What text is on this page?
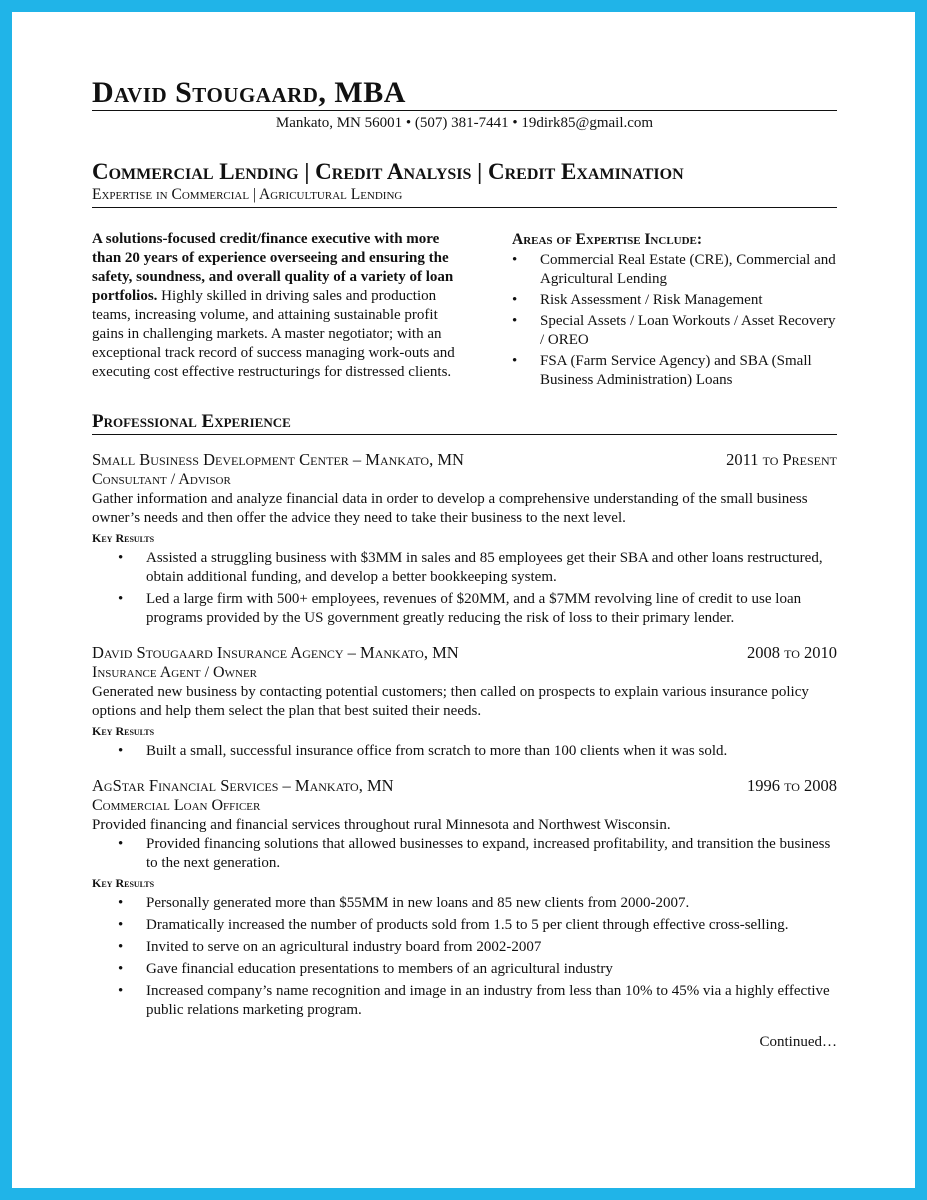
David Stougaard, MBA
Mankato, MN 56001 • (507) 381-7441 • 19dirk85@gmail.com
Commercial Lending | Credit Analysis | Credit Examination
Expertise in Commercial | Agricultural Lending
A solutions-focused credit/finance executive with more than 20 years of experience overseeing and ensuring the safety, soundness, and overall quality of a variety of loan portfolios. Highly skilled in driving sales and production teams, increasing volume, and attaining sustainable profit gains in challenging markets. A master negotiator; with an exceptional track record of success managing work-outs and executing cost effective restructurings for distressed clients.
Areas of Expertise Include:
• Commercial Real Estate (CRE), Commercial and Agricultural Lending
• Risk Assessment / Risk Management
• Special Assets / Loan Workouts / Asset Recovery / OREO
• FSA (Farm Service Agency) and SBA (Small Business Administration) Loans
Professional Experience
Small Business Development Center – Mankato, MN	2011 to Present
Consultant / Advisor

Gather information and analyze financial data in order to develop a comprehensive understanding of the small business owner’s needs and then offer the advice they need to take their business to the next level.

Key Results
• Assisted a struggling business with $3MM in sales and 85 employees get their SBA and other loans restructured, obtain additional funding, and develop a better bookkeeping system.
• Led a large firm with 500+ employees, revenues of $20MM, and a $7MM revolving line of credit to use loan programs provided by the US government greatly reducing the risk of loss to their primary lender.
David Stougaard Insurance Agency – Mankato, MN	2008 to 2010
Insurance Agent / Owner

Generated new business by contacting potential customers; then called on prospects to explain various insurance policy options and help them select the plan that best suited their needs.

Key Results
• Built a small, successful insurance office from scratch to more than 100 clients when it was sold.
AgStar Financial Services – Mankato, MN	1996 to 2008
Commercial Loan Officer

Provided financing and financial services throughout rural Minnesota and Northwest Wisconsin.

• Provided financing solutions that allowed businesses to expand, increased profitability, and transition the business to the next generation.
Key Results
• Personally generated more than $55MM in new loans and 85 new clients from 2000-2007.
• Dramatically increased the number of products sold from 1.5 to 5 per client through effective cross-selling.
• Invited to serve on an agricultural industry board from 2002-2007
• Gave financial education presentations to members of an agricultural industry
• Increased company’s name recognition and image in an industry from less than 10% to 45% via a highly effective public relations marketing program.
Continued…
